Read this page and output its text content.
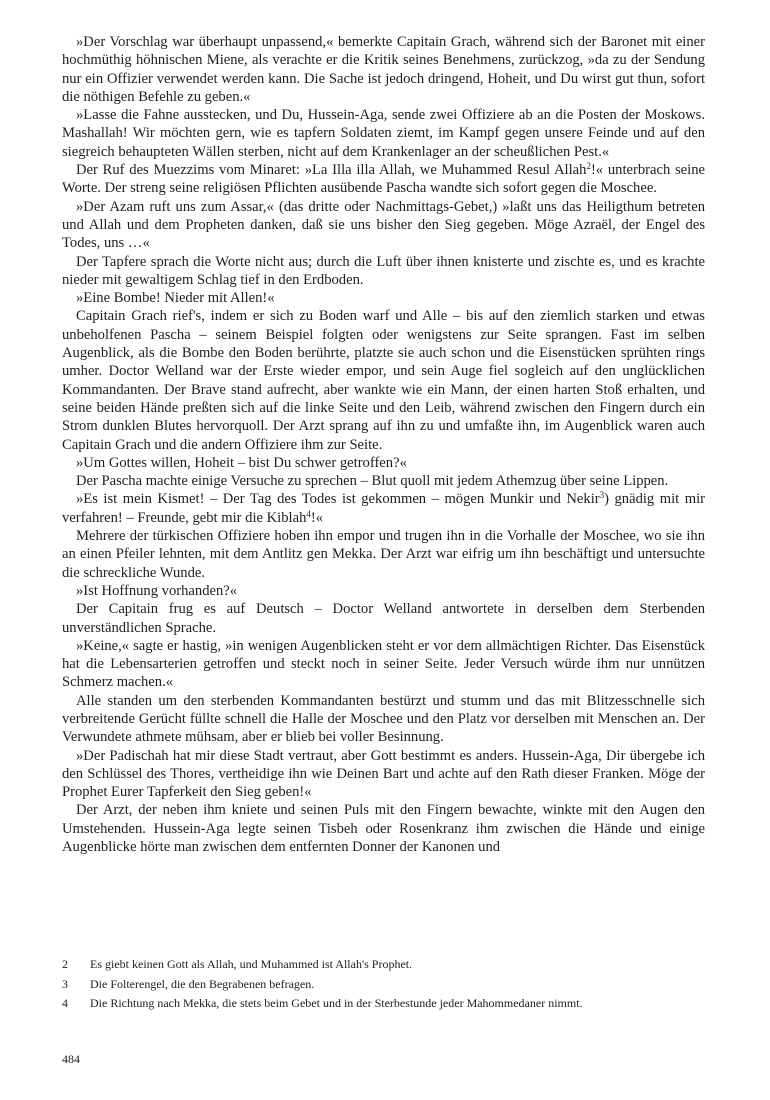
»Der Vorschlag war überhaupt unpassend,« bemerkte Capitain Grach, während sich der Baronet mit einer hochmüthig höhnischen Miene, als verachte er die Kritik seines Benehmens, zurückzog, »da zu der Sendung nur ein Offizier verwendet werden kann. Die Sache ist jedoch dringend, Hoheit, und Du wirst gut thun, sofort die nöthigen Befehle zu geben.«

»Lasse die Fahne ausstecken, und Du, Hussein-Aga, sende zwei Offiziere ab an die Posten der Moskows. Mashallah! Wir möchten gern, wie es tapfern Soldaten ziemt, im Kampf gegen unsere Feinde und auf den siegreich behaupteten Wällen sterben, nicht auf dem Krankenlager an der scheußlichen Pest.«

Der Ruf des Muezzims vom Minaret: »La Illa illa Allah, we Muhammed Resul Allah$^2$!« unterbrach seine Worte. Der streng seine religiösen Pflichten ausübende Pascha wandte sich sofort gegen die Moschee.

»Der Azam ruft uns zum Assar,« (das dritte oder Nachmittags-Gebet,) »laßt uns das Heiligthum betreten und Allah und dem Propheten danken, daß sie uns bisher den Sieg gegeben. Möge Azraël, der Engel des Todes, uns …«

Der Tapfere sprach die Worte nicht aus; durch die Luft über ihnen knisterte und zischte es, und es krachte nieder mit gewaltigem Schlag tief in den Erdboden.

»Eine Bombe! Nieder mit Allen!«

Capitain Grach rief's, indem er sich zu Boden warf und Alle – bis auf den ziemlich starken und etwas unbeholfenen Pascha – seinem Beispiel folgten oder wenigstens zur Seite sprangen. Fast im selben Augenblick, als die Bombe den Boden berührte, platzte sie auch schon und die Eisenstücken sprühten rings umher. Doctor Welland war der Erste wieder empor, und sein Auge fiel sogleich auf den unglücklichen Kommandanten. Der Brave stand aufrecht, aber wankte wie ein Mann, der einen harten Stoß erhalten, und seine beiden Hände preßten sich auf die linke Seite und den Leib, während zwischen den Fingern durch ein Strom dunklen Blutes hervorquoll. Der Arzt sprang auf ihn zu und umfaßte ihn, im Augenblick waren auch Capitain Grach und die andern Offiziere ihm zur Seite.

»Um Gottes willen, Hoheit – bist Du schwer getroffen?«

Der Pascha machte einige Versuche zu sprechen – Blut quoll mit jedem Athemzug über seine Lippen.

»Es ist mein Kismet! – Der Tag des Todes ist gekommen – mögen Munkir und Nekir$^3$) gnädig mit mir verfahren! – Freunde, gebt mir die Kiblah$^4$!«

Mehrere der türkischen Offiziere hoben ihn empor und trugen ihn in die Vorhalle der Moschee, wo sie ihn an einen Pfeiler lehnten, mit dem Antlitz gen Mekka. Der Arzt war eifrig um ihn beschäftigt und untersuchte die schreckliche Wunde.

»Ist Hoffnung vorhanden?«

Der Capitain frug es auf Deutsch – Doctor Welland antwortete in derselben dem Sterbenden unverständlichen Sprache.

»Keine,« sagte er hastig, »in wenigen Augenblicken steht er vor dem allmächtigen Richter. Das Eisenstück hat die Lebensarterien getroffen und steckt noch in seiner Seite. Jeder Versuch würde ihm nur unnützen Schmerz machen.«

Alle standen um den sterbenden Kommandanten bestürzt und stumm und das mit Blitzesschnelle sich verbreitende Gerücht füllte schnell die Halle der Moschee und den Platz vor derselben mit Menschen an. Der Verwundete athmete mühsam, aber er blieb bei voller Besinnung.

»Der Padischah hat mir diese Stadt vertraut, aber Gott bestimmt es anders. Hussein-Aga, Dir übergebe ich den Schlüssel des Thores, vertheidige ihn wie Deinen Bart und achte auf den Rath dieser Franken. Möge der Prophet Eurer Tapferkeit den Sieg geben!«

Der Arzt, der neben ihm kniete und seinen Puls mit den Fingern bewachte, winkte mit den Augen den Umstehenden. Hussein-Aga legte seinen Tisbeh oder Rosenkranz ihm zwischen die Hände und einige Augenblicke hörte man zwischen dem entfernten Donner der Kanonen und

2	Es giebt keinen Gott als Allah, und Muhammed ist Allah's Prophet.
3	Die Folterengel, die den Begrabenen befragen.
4	Die Richtung nach Mekka, die stets beim Gebet und in der Sterbestunde jeder Mahommedaner nimmt.
484
